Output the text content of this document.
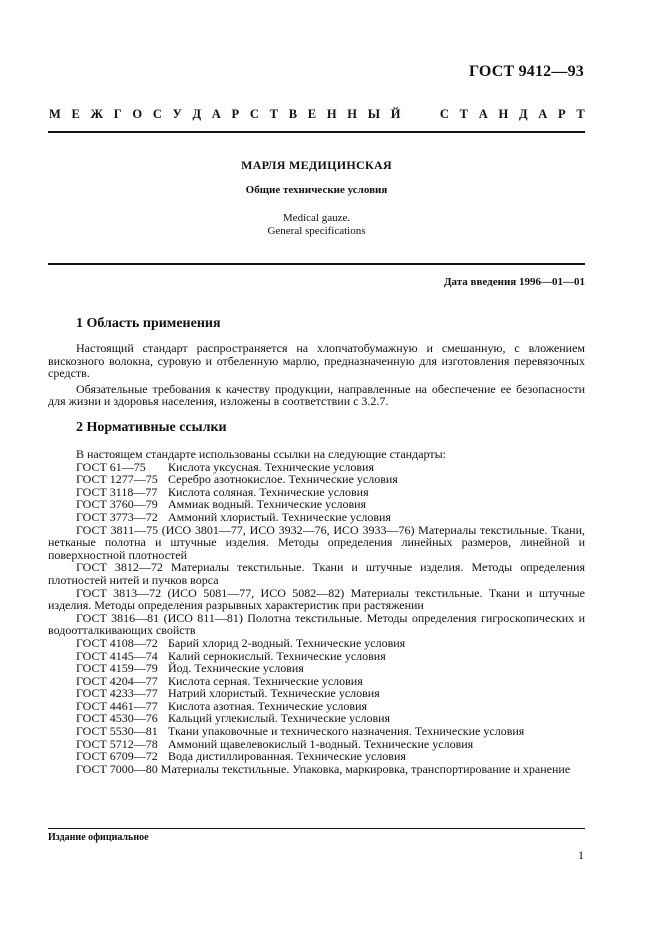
ГОСТ 9412—93
М Е Ж Г О С У Д А Р С Т В Е Н Н Ы Й	С Т А Н Д А Р Т
МАРЛЯ МЕДИЦИНСКАЯ
Общие технические условия
Medical gauze.
General specifications
Дата введения 1996—01—01
1 Область применения

Настоящий стандарт распространяется на хлопчатобумажную и смешанную, с вложением вискозного волокна, суровую и отбеленную марлю, предназначенную для изготовления перевязочных средств.

Обязательные требования к качеству продукции, направленные на обеспечение ее безопасности для жизни и здоровья населения, изложены в соответствии с 3.2.7.

2 Нормативные ссылки

В настоящем стандарте использованы ссылки на следующие стандарты:

ГОСТ 61—75 Кислота уксусная. Технические условия

ГОСТ 1277—75 Серебро азотнокислое. Технические условия

ГОСТ 3118—77 Кислота соляная. Технические условия

ГОСТ 3760—79 Аммиак водный. Технические условия

ГОСТ 3773—72 Аммоний хлористый. Технические условия

ГОСТ 3811—75 (ИСО 3801—77, ИСО 3932—76, ИСО 3933—76) Материалы текстильные. Ткани, нетканые полотна и штучные изделия. Методы определения линейных размеров, линейной и поверхностной плотностей

ГОСТ 3812—72 Материалы текстильные. Ткани и штучные изделия. Методы определения плотностей нитей и пучков ворса

ГОСТ 3813—72 (ИСО 5081—77, ИСО 5082—82) Материалы текстильные. Ткани и штучные изделия. Методы определения разрывных характеристик при растяжении

ГОСТ 3816—81 (ИСО 811—81) Полотна текстильные. Методы определения гигроскопических и водоотталкивающих свойств

ГОСТ 4108—72 Барий хлорид 2-водный. Технические условия

ГОСТ 4145—74 Калий сернокислый. Технические условия

ГОСТ 4159—79 Йод. Технические условия

ГОСТ 4204—77 Кислота серная. Технические условия

ГОСТ 4233—77 Натрий хлористый. Технические условия

ГОСТ 4461—77 Кислота азотная. Технические условия

ГОСТ 4530—76 Кальций углекислый. Технические условия

ГОСТ 5530—81 Ткани упаковочные и технического назначения. Технические условия

ГОСТ 5712—78 Аммоний щавелевокислый 1-водный. Технические условия

ГОСТ 6709—72 Вода дистиллированная. Технические условия

ГОСТ 7000—80 Материалы текстильные. Упаковка, маркировка, транспортирование и хранение

Издание официальное
1
